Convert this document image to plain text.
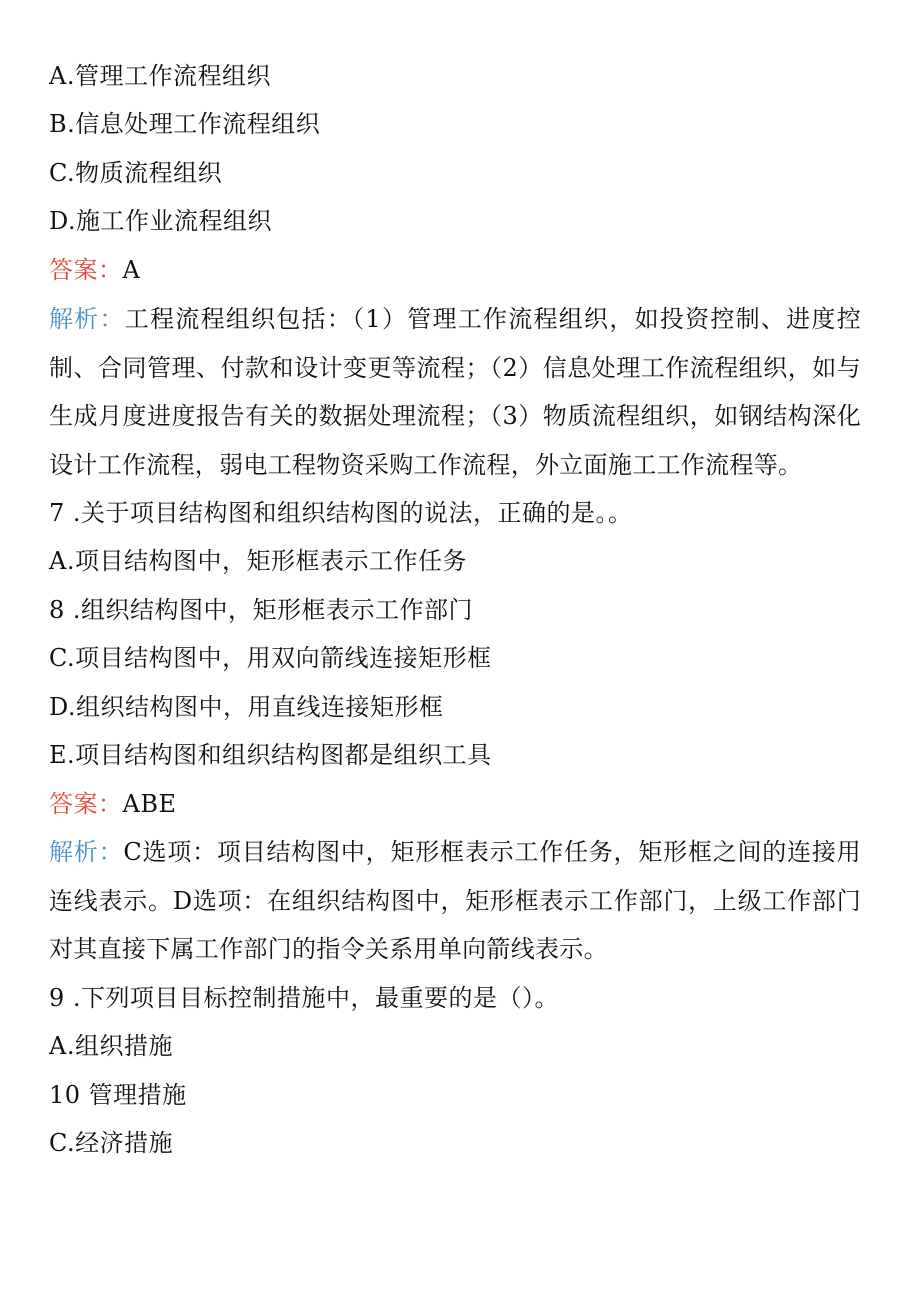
A.管理工作流程组织
B.信息处理工作流程组织
C.物质流程组织
D.施工作业流程组织
答案：A
解析：工程流程组织包括：（1）管理工作流程组织，如投资控制、进度控制、合同管理、付款和设计变更等流程；（2）信息处理工作流程组织，如与生成月度进度报告有关的数据处理流程；（3）物质流程组织，如钢结构深化设计工作流程，弱电工程物资采购工作流程，外立面施工工作流程等。
7 .关于项目结构图和组织结构图的说法，正确的是。。
A.项目结构图中，矩形框表示工作任务
8 .组织结构图中，矩形框表示工作部门
C.项目结构图中，用双向箭线连接矩形框
D.组织结构图中，用直线连接矩形框
E.项目结构图和组织结构图都是组织工具
答案：ABE
解析：C选项：项目结构图中，矩形框表示工作任务，矩形框之间的连接用连线表示。D选项：在组织结构图中，矩形框表示工作部门，上级工作部门对其直接下属工作部门的指令关系用单向箭线表示。
9 .下列项目目标控制措施中，最重要的是（）。
A.组织措施
10 管理措施
C.经济措施
